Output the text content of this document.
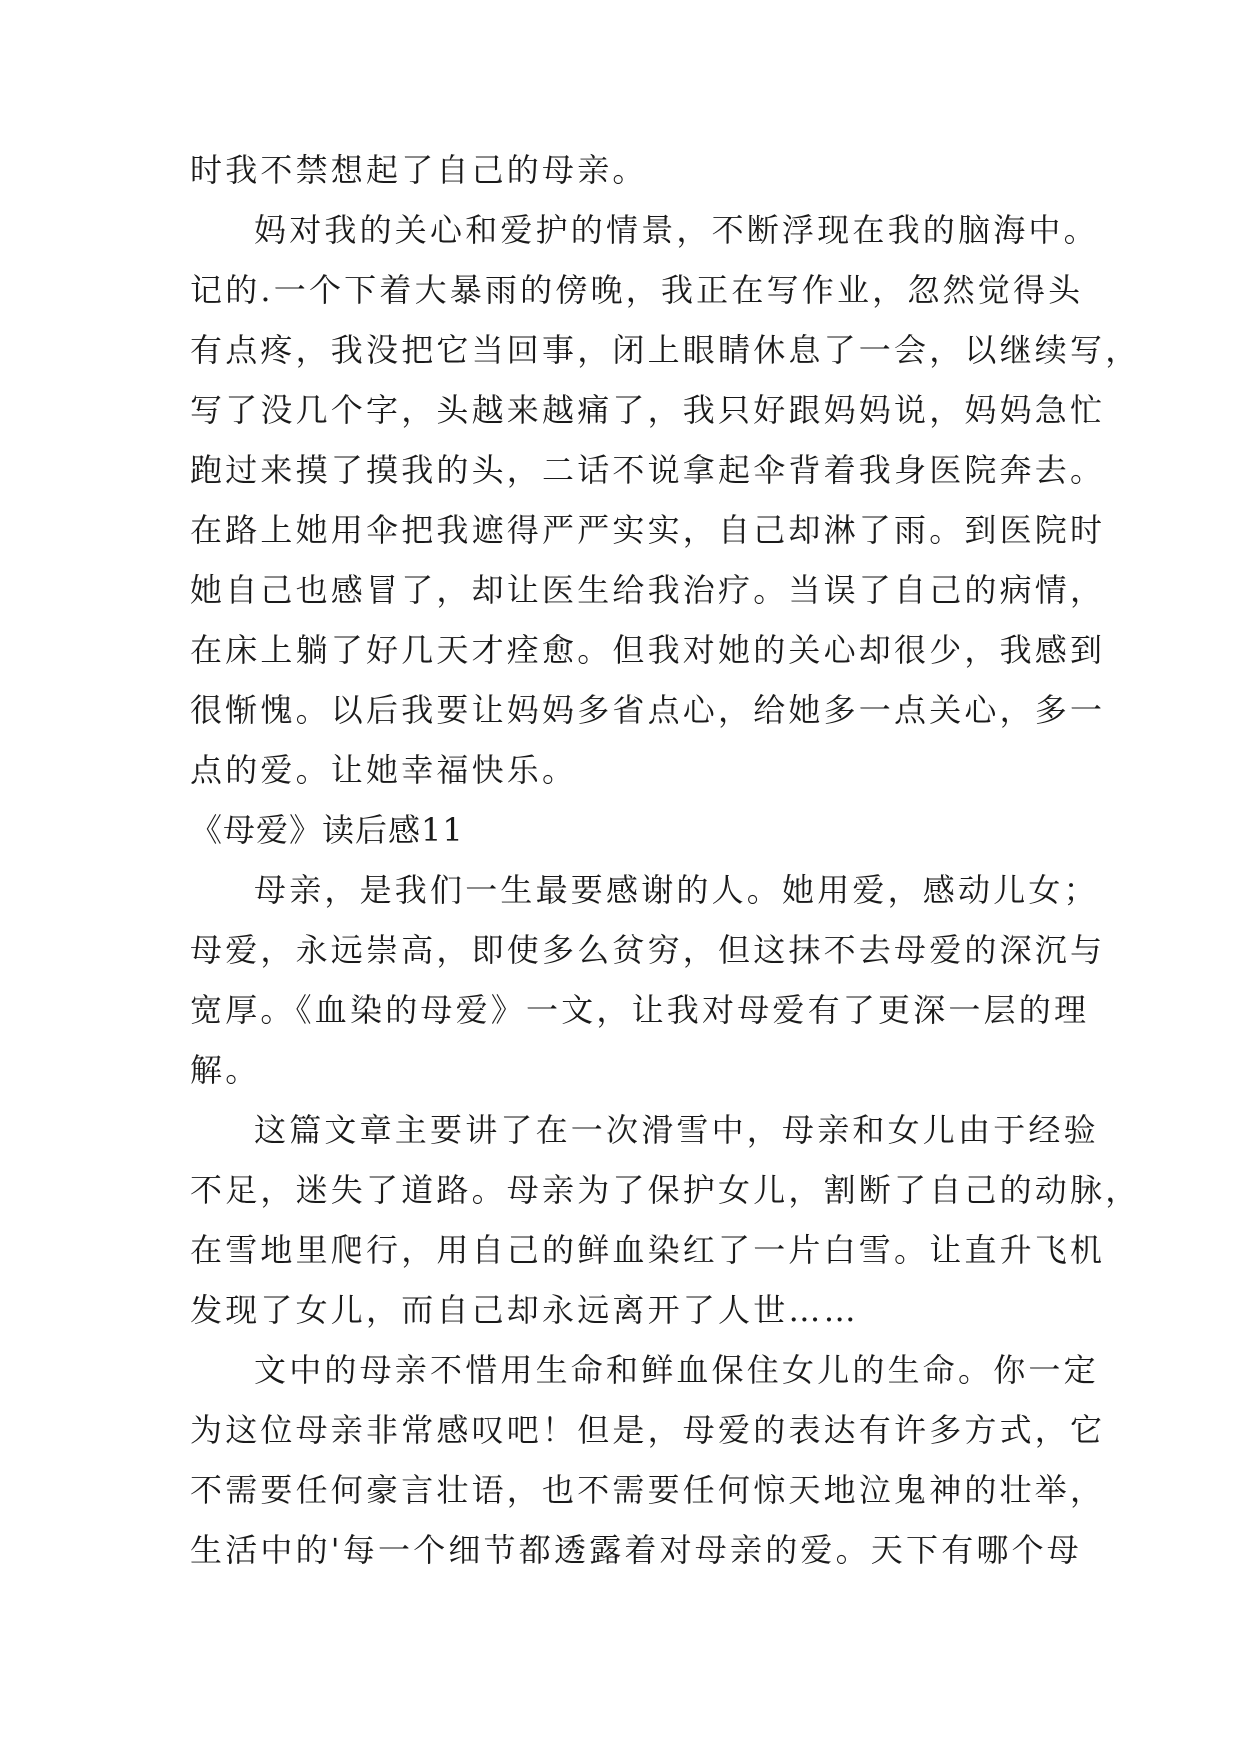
时我不禁想起了自己的母亲。
妈对我的关心和爱护的情景，不断浮现在我的脑海中。
记的.一个下着大暴雨的傍晚，我正在写作业，忽然觉得头
有点疼，我没把它当回事，闭上眼睛休息了一会，以继续写，
写了没几个字，头越来越痛了，我只好跟妈妈说，妈妈急忙
跑过来摸了摸我的头，二话不说拿起伞背着我身医院奔去。
在路上她用伞把我遮得严严实实，自己却淋了雨。到医院时
她自己也感冒了，却让医生给我治疗。当误了自己的病情，
在床上躺了好几天才痊愈。但我对她的关心却很少，我感到
很惭愧。以后我要让妈妈多省点心，给她多一点关心，多一
点的爱。让她幸福快乐。
《母爱》读后感11
母亲，是我们一生最要感谢的人。她用爱，感动儿女；
母爱，永远崇高，即使多么贫穷，但这抹不去母爱的深沉与
宽厚。《血染的母爱》一文，让我对母爱有了更深一层的理
解。
这篇文章主要讲了在一次滑雪中，母亲和女儿由于经验
不足，迷失了道路。母亲为了保护女儿，割断了自己的动脉，
在雪地里爬行，用自己的鲜血染红了一片白雪。让直升飞机
发现了女儿，而自己却永远离开了人世……
文中的母亲不惜用生命和鲜血保住女儿的生命。你一定
为这位母亲非常感叹吧！但是，母爱的表达有许多方式，它
不需要任何豪言壮语，也不需要任何惊天地泣鬼神的壮举，
生活中的'每一个细节都透露着对母亲的爱。天下有哪个母
